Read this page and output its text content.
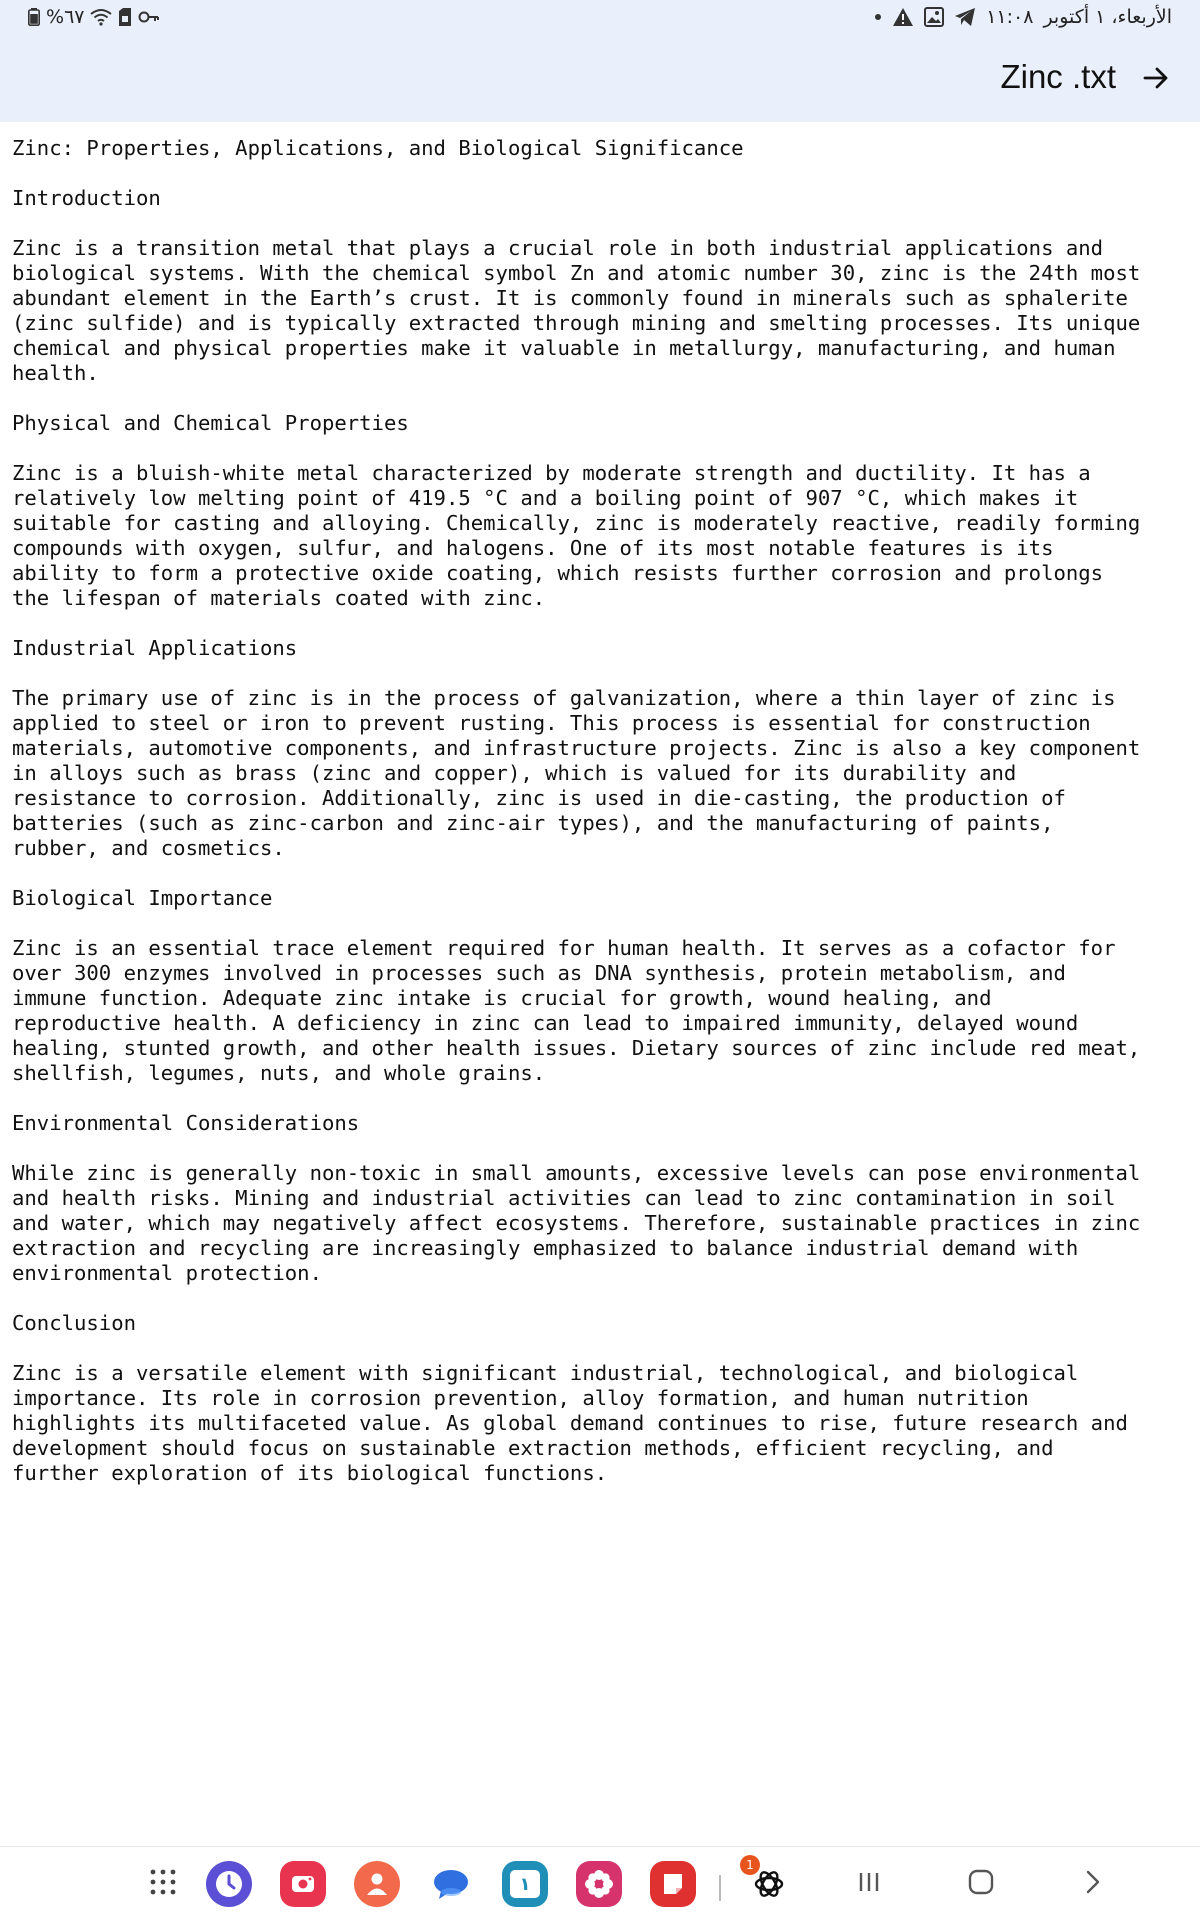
%٦٧	١١:٠٨ الأربعاء، ١ أكتوبر
Zinc .txt
Zinc: Properties, Applications, and Biological Significance

Introduction

Zinc is a transition metal that plays a crucial role in both industrial applications and
biological systems. With the chemical symbol Zn and atomic number 30, zinc is the 24th most
abundant element in the Earth’s crust. It is commonly found in minerals such as sphalerite
(zinc sulfide) and is typically extracted through mining and smelting processes. Its unique
chemical and physical properties make it valuable in metallurgy, manufacturing, and human
health.

Physical and Chemical Properties

Zinc is a bluish-white metal characterized by moderate strength and ductility. It has a
relatively low melting point of 419.5 °C and a boiling point of 907 °C, which makes it
suitable for casting and alloying. Chemically, zinc is moderately reactive, readily forming
compounds with oxygen, sulfur, and halogens. One of its most notable features is its
ability to form a protective oxide coating, which resists further corrosion and prolongs
the lifespan of materials coated with zinc.

Industrial Applications

The primary use of zinc is in the process of galvanization, where a thin layer of zinc is
applied to steel or iron to prevent rusting. This process is essential for construction
materials, automotive components, and infrastructure projects. Zinc is also a key component
in alloys such as brass (zinc and copper), which is valued for its durability and
resistance to corrosion. Additionally, zinc is used in die-casting, the production of
batteries (such as zinc-carbon and zinc-air types), and the manufacturing of paints,
rubber, and cosmetics.

Biological Importance

Zinc is an essential trace element required for human health. It serves as a cofactor for
over 300 enzymes involved in processes such as DNA synthesis, protein metabolism, and
immune function. Adequate zinc intake is crucial for growth, wound healing, and
reproductive health. A deficiency in zinc can lead to impaired immunity, delayed wound
healing, stunted growth, and other health issues. Dietary sources of zinc include red meat,
shellfish, legumes, nuts, and whole grains.

Environmental Considerations

While zinc is generally non-toxic in small amounts, excessive levels can pose environmental
and health risks. Mining and industrial activities can lead to zinc contamination in soil
and water, which may negatively affect ecosystems. Therefore, sustainable practices in zinc
extraction and recycling are increasingly emphasized to balance industrial demand with
environmental protection.

Conclusion

Zinc is a versatile element with significant industrial, technological, and biological
importance. Its role in corrosion prevention, alloy formation, and human nutrition
highlights its multifaceted value. As global demand continues to rise, future research and
development should focus on sustainable extraction methods, efficient recycling, and
further exploration of its biological functions.
١
1
